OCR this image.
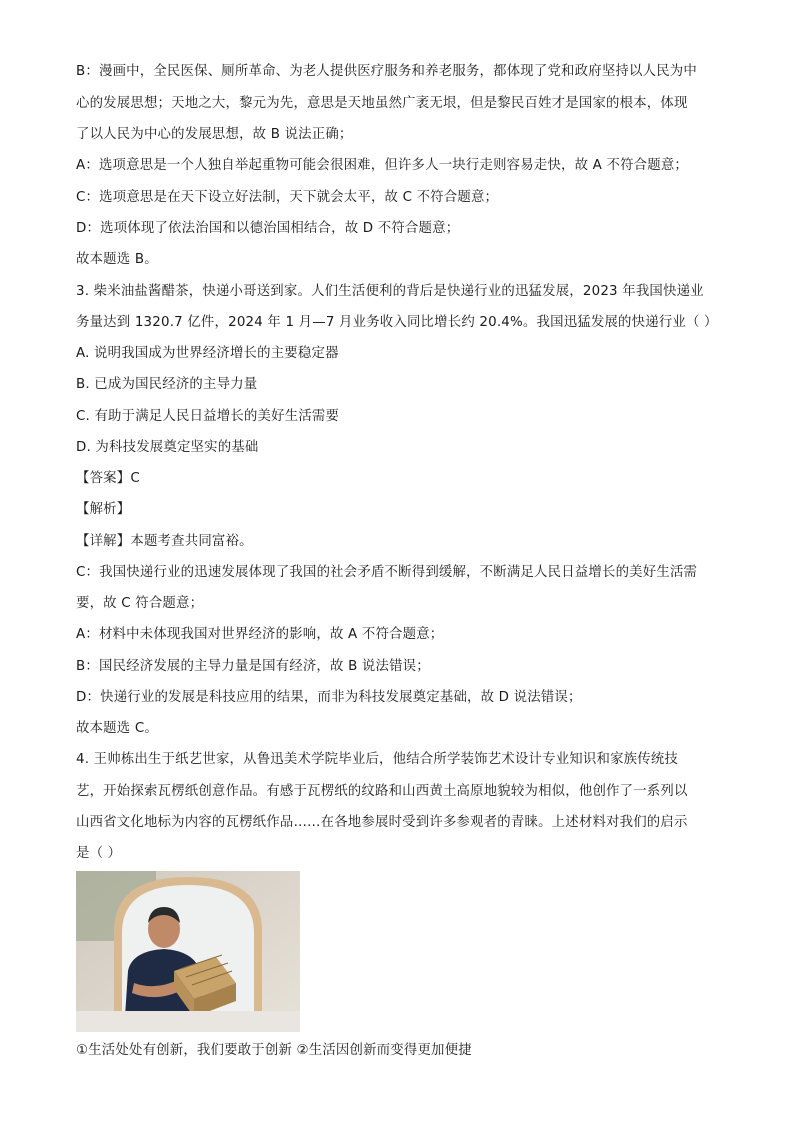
B：漫画中，全民医保、厕所革命、为老人提供医疗服务和养老服务，都体现了党和政府坚持以人民为中
心的发展思想；天地之大，黎元为先，意思是天地虽然广袤无垠，但是黎民百姓才是国家的根本，体现
了以人民为中心的发展思想，故 B 说法正确；
A：选项意思是一个人独自举起重物可能会很困难，但许多人一块行走则容易走快，故 A 不符合题意；
C：选项意思是在天下设立好法制，天下就会太平，故 C 不符合题意；
D：选项体现了依法治国和以德治国相结合，故 D 不符合题意；
故本题选 B。
3. 柴米油盐酱醋茶，快递小哥送到家。人们生活便利的背后是快递行业的迅猛发展，2023 年我国快递业
务量达到 1320.7 亿件，2024 年 1 月—7 月业务收入同比增长约 20.4%。我国迅猛发展的快递行业（ ）
A. 说明我国成为世界经济增长的主要稳定器
B. 已成为国民经济的主导力量
C. 有助于满足人民日益增长的美好生活需要
D. 为科技发展奠定坚实的基础
【答案】C
【解析】
【详解】本题考查共同富裕。
C：我国快递行业的迅速发展体现了我国的社会矛盾不断得到缓解，不断满足人民日益增长的美好生活需
要，故 C 符合题意；
A：材料中未体现我国对世界经济的影响，故 A 不符合题意；
B：国民经济发展的主导力量是国有经济，故 B 说法错误；
D：快递行业的发展是科技应用的结果，而非为科技发展奠定基础，故 D 说法错误；
故本题选 C。
4. 王帅栋出生于纸艺世家，从鲁迅美术学院毕业后，他结合所学装饰艺术设计专业知识和家族传统技
艺，开始探索瓦楞纸创意作品。有感于瓦楞纸的纹路和山西黄土高原地貌较为相似，他创作了一系列以
山西省文化地标为内容的瓦楞纸作品……在各地参展时受到许多参观者的青睐。上述材料对我们的启示
是（ ）
①生活处处有创新，我们要敢于创新 ②生活因创新而变得更加便捷
